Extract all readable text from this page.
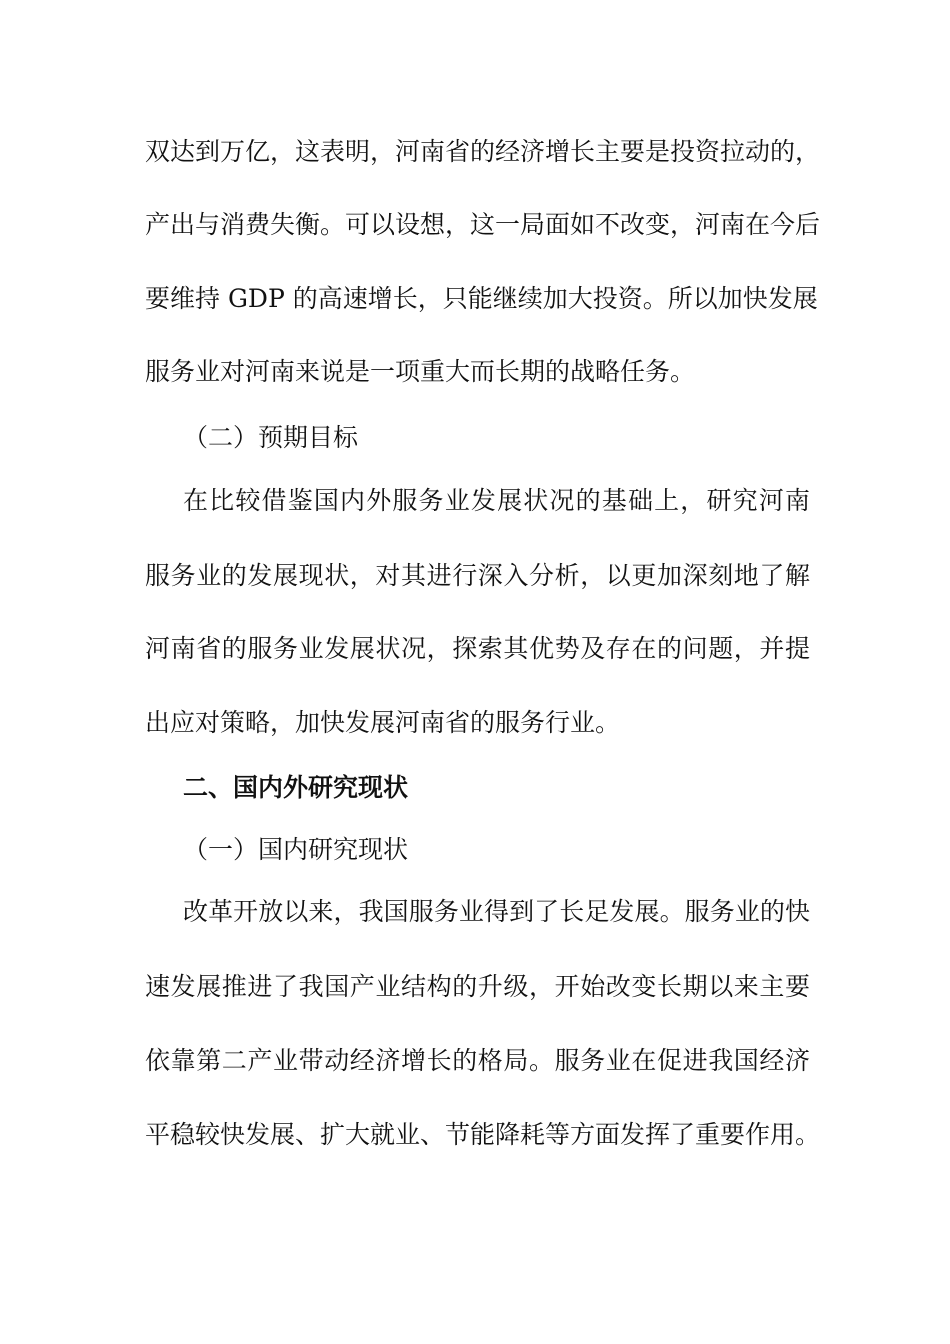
双达到万亿，这表明，河南省的经济增长主要是投资拉动的，
产出与消费失衡。可以设想，这一局面如不改变，河南在今后
要维持 GDP 的高速增长，只能继续加大投资。所以加快发展
服务业对河南来说是一项重大而长期的战略任务。
（二）预期目标
在比较借鉴国内外服务业发展状况的基础上，研究河南
服务业的发展现状，对其进行深入分析，以更加深刻地了解
河南省的服务业发展状况，探索其优势及存在的问题，并提
出应对策略，加快发展河南省的服务行业。
二、国内外研究现状
（一）国内研究现状
改革开放以来，我国服务业得到了长足发展。服务业的快
速发展推进了我国产业结构的升级，开始改变长期以来主要
依靠第二产业带动经济增长的格局。服务业在促进我国经济
平稳较快发展、扩大就业、节能降耗等方面发挥了重要作用。
